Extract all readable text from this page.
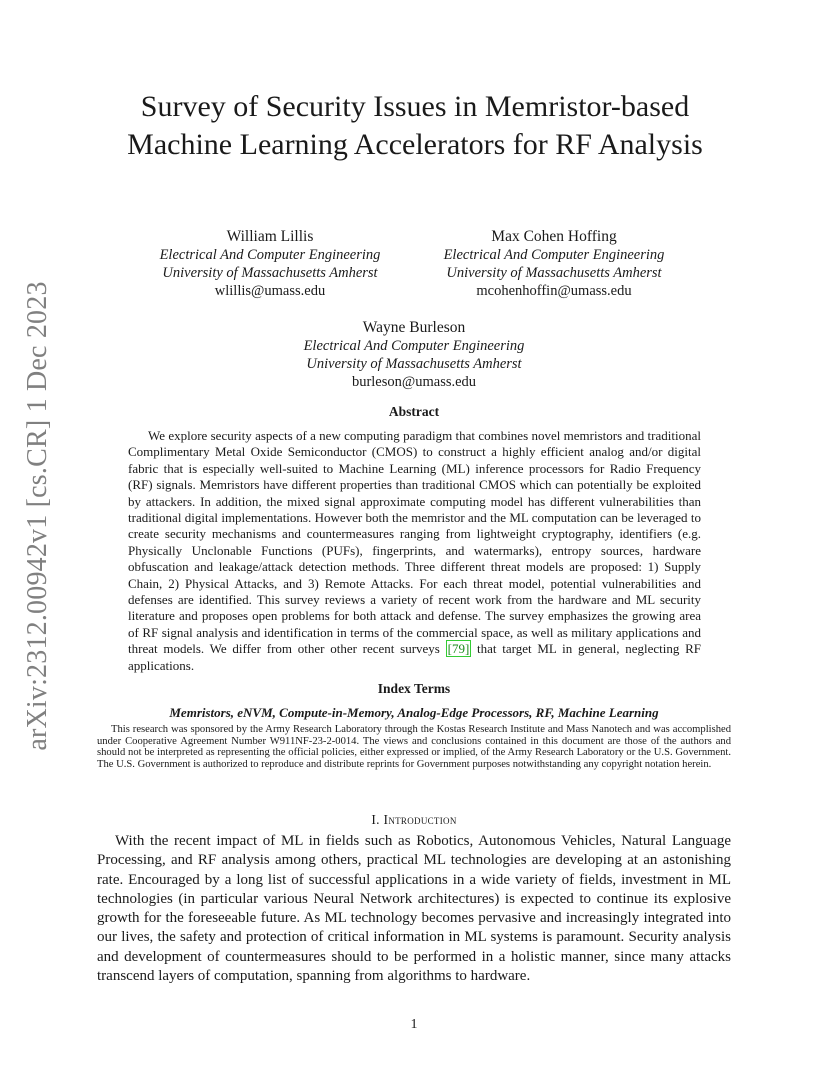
arXiv:2312.00942v1 [cs.CR] 1 Dec 2023
Survey of Security Issues in Memristor-based Machine Learning Accelerators for RF Analysis
William Lillis
Electrical And Computer Engineering
University of Massachusetts Amherst
wlillis@umass.edu
Max Cohen Hoffing
Electrical And Computer Engineering
University of Massachusetts Amherst
mcohenhoffin@umass.edu
Wayne Burleson
Electrical And Computer Engineering
University of Massachusetts Amherst
burleson@umass.edu
Abstract

We explore security aspects of a new computing paradigm that combines novel memristors and traditional Complimentary Metal Oxide Semiconductor (CMOS) to construct a highly efficient analog and/or digital fabric that is especially well-suited to Machine Learning (ML) inference processors for Radio Frequency (RF) signals. Memristors have different properties than traditional CMOS which can potentially be exploited by attackers. In addition, the mixed signal approximate computing model has different vulnerabilities than traditional digital implementations. However both the memristor and the ML computation can be leveraged to create security mechanisms and countermeasures ranging from lightweight cryptography, identifiers (e.g. Physically Unclonable Functions (PUFs), fingerprints, and watermarks), entropy sources, hardware obfuscation and leakage/attack detection methods. Three different threat models are proposed: 1) Supply Chain, 2) Physical Attacks, and 3) Remote Attacks. For each threat model, potential vulnerabilities and defenses are identified. This survey reviews a variety of recent work from the hardware and ML security literature and proposes open problems for both attack and defense. The survey emphasizes the growing area of RF signal analysis and identification in terms of the commercial space, as well as military applications and threat models. We differ from other other recent surveys [79] that target ML in general, neglecting RF applications.

Index Terms

Memristors, eNVM, Compute-in-Memory, Analog-Edge Processors, RF, Machine Learning

This research was sponsored by the Army Research Laboratory through the Kostas Research Institute and Mass Nanotech and was accomplished under Cooperative Agreement Number W911NF-23-2-0014. The views and conclusions contained in this document are those of the authors and should not be interpreted as representing the official policies, either expressed or implied, of the Army Research Laboratory or the U.S. Government. The U.S. Government is authorized to reproduce and distribute reprints for Government purposes notwithstanding any copyright notation herein.

I. Introduction

With the recent impact of ML in fields such as Robotics, Autonomous Vehicles, Natural Language Processing, and RF analysis among others, practical ML technologies are developing at an astonishing rate. Encouraged by a long list of successful applications in a wide variety of fields, investment in ML technologies (in particular various Neural Network architectures) is expected to continue its explosive growth for the foreseeable future. As ML technology becomes pervasive and increasingly integrated into our lives, the safety and protection of critical information in ML systems is paramount. Security analysis and development of countermeasures should to be performed in a holistic manner, since many attacks transcend layers of computation, spanning from algorithms to hardware.

1
